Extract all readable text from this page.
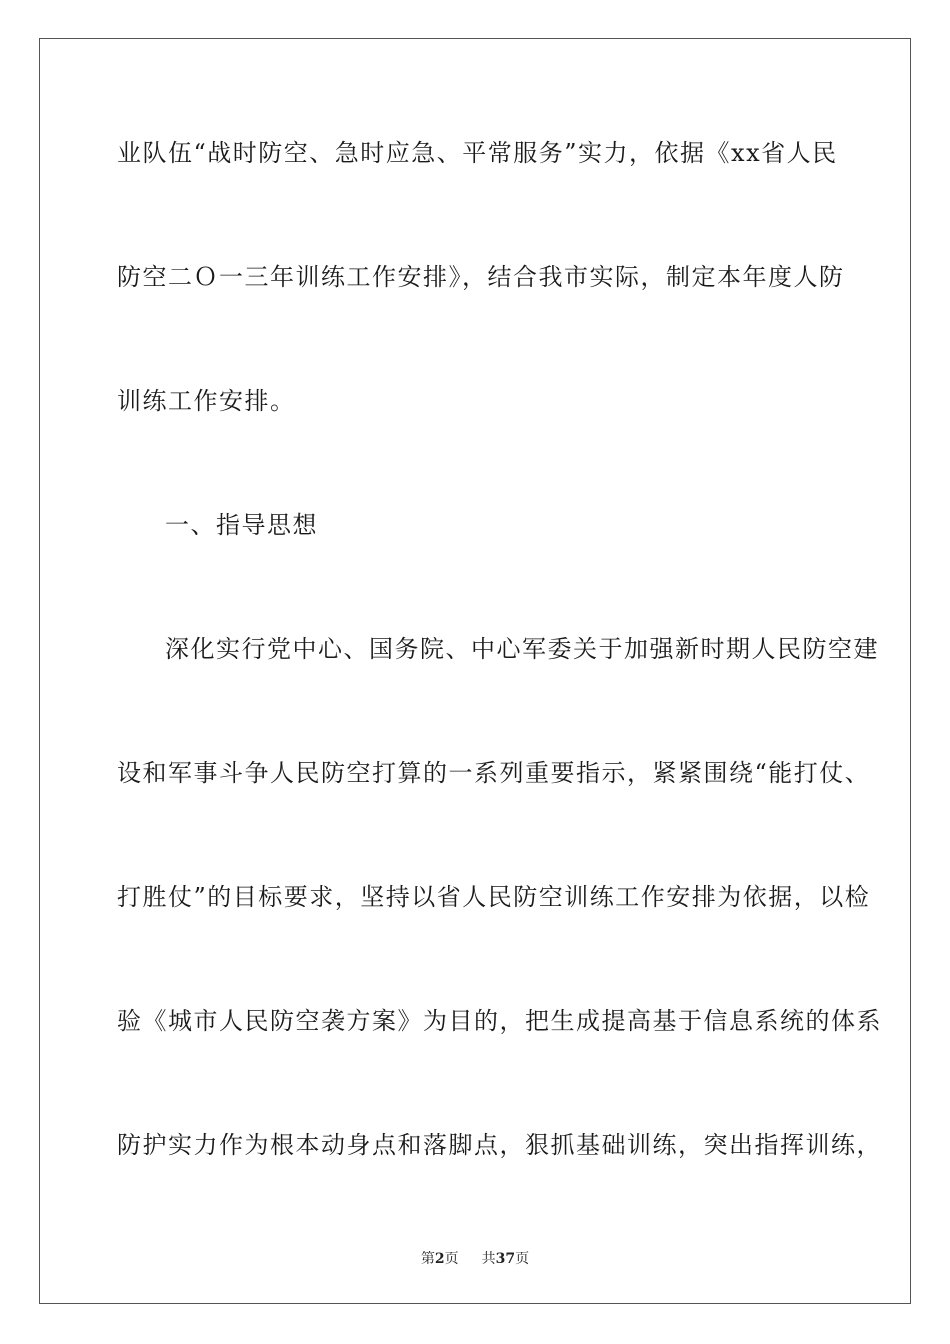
业队伍“战时防空、急时应急、平常服务”实力，依据《xx省人民
防空二Ｏ一三年训练工作安排》，结合我市实际，制定本年度人防
训练工作安排。
一、指导思想
深化实行党中心、国务院、中心军委关于加强新时期人民防空建
设和军事斗争人民防空打算的一系列重要指示，紧紧围绕“能打仗、
打胜仗”的目标要求，坚持以省人民防空训练工作安排为依据，以检
验《城市人民防空袭方案》为目的，把生成提高基于信息系统的体系
防护实力作为根本动身点和落脚点，狠抓基础训练，突出指挥训练，
第2页 共37页
